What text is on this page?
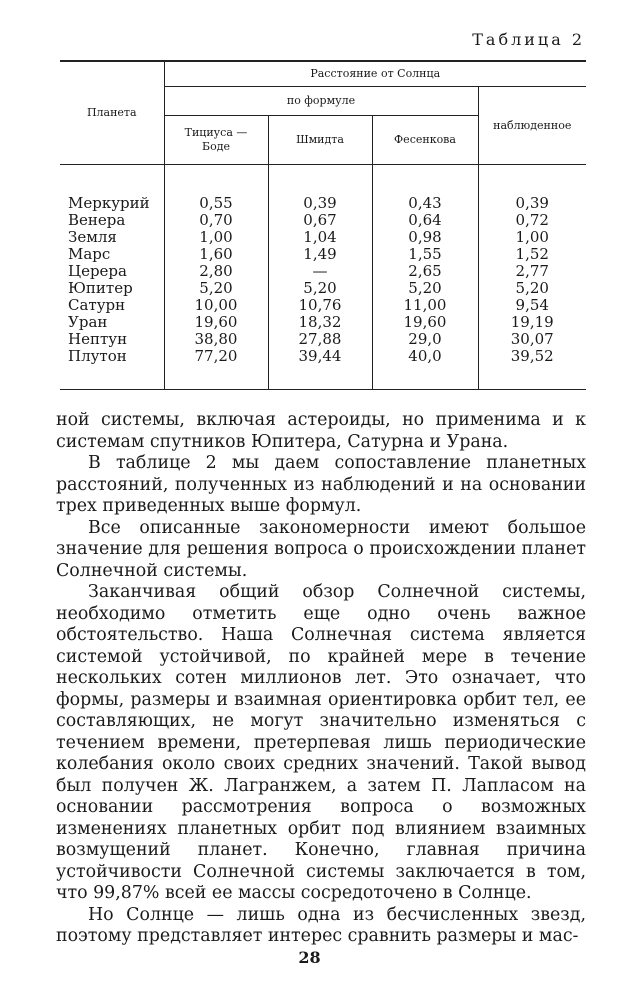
Таблица 2

Планета	Расстояние от Солнца			
	по формуле			наблюденное
	Тициуса — Боде	Шмидта	Фесенкова	

Меркурий	0,55	0,39	0,43	0,39
Венера	0,70	0,67	0,64	0,72
Земля	1,00	1,04	0,98	1,00
Марс	1,60	1,49	1,55	1,52
Церера	2,80	—	2,65	2,77
Юпитер	5,20	5,20	5,20	5,20
Сатурн	10,00	10,76	11,00	9,54
Уран	19,60	18,32	19,60	19,19
Нептун	38,80	27,88	29,0	30,07
Плутон	77,20	39,44	40,0	39,52

ной системы, включая астероиды, но применима и к системам спутников Юпитера, Сатурна и Урана.

В таблице 2 мы даем сопоставление планетных расстояний, полученных из наблюдений и на основании трех приведенных выше формул.

Все описанные закономерности имеют большое значение для решения вопроса о происхождении планет Солнечной системы.

Заканчивая общий обзор Солнечной системы, необходимо отметить еще одно очень важное обстоятельство. Наша Солнечная система является системой устойчивой, по крайней мере в течение нескольких сотен миллионов лет. Это означает, что формы, размеры и взаимная ориентировка орбит тел, ее составляющих, не могут значительно изменяться с течением времени, претерпевая лишь периодические колебания около своих средних значений. Такой вывод был получен Ж. Лагранжем, а затем П. Лапласом на основании рассмотрения вопроса о возможных изменениях планетных орбит под влиянием взаимных возмущений планет. Конечно, главная причина устойчивости Солнечной системы заключается в том, что 99,87% всей ее массы сосредоточено в Солнце.

Но Солнце — лишь одна из бесчисленных звезд, поэтому представляет интерес сравнить размеры и мас-

28
